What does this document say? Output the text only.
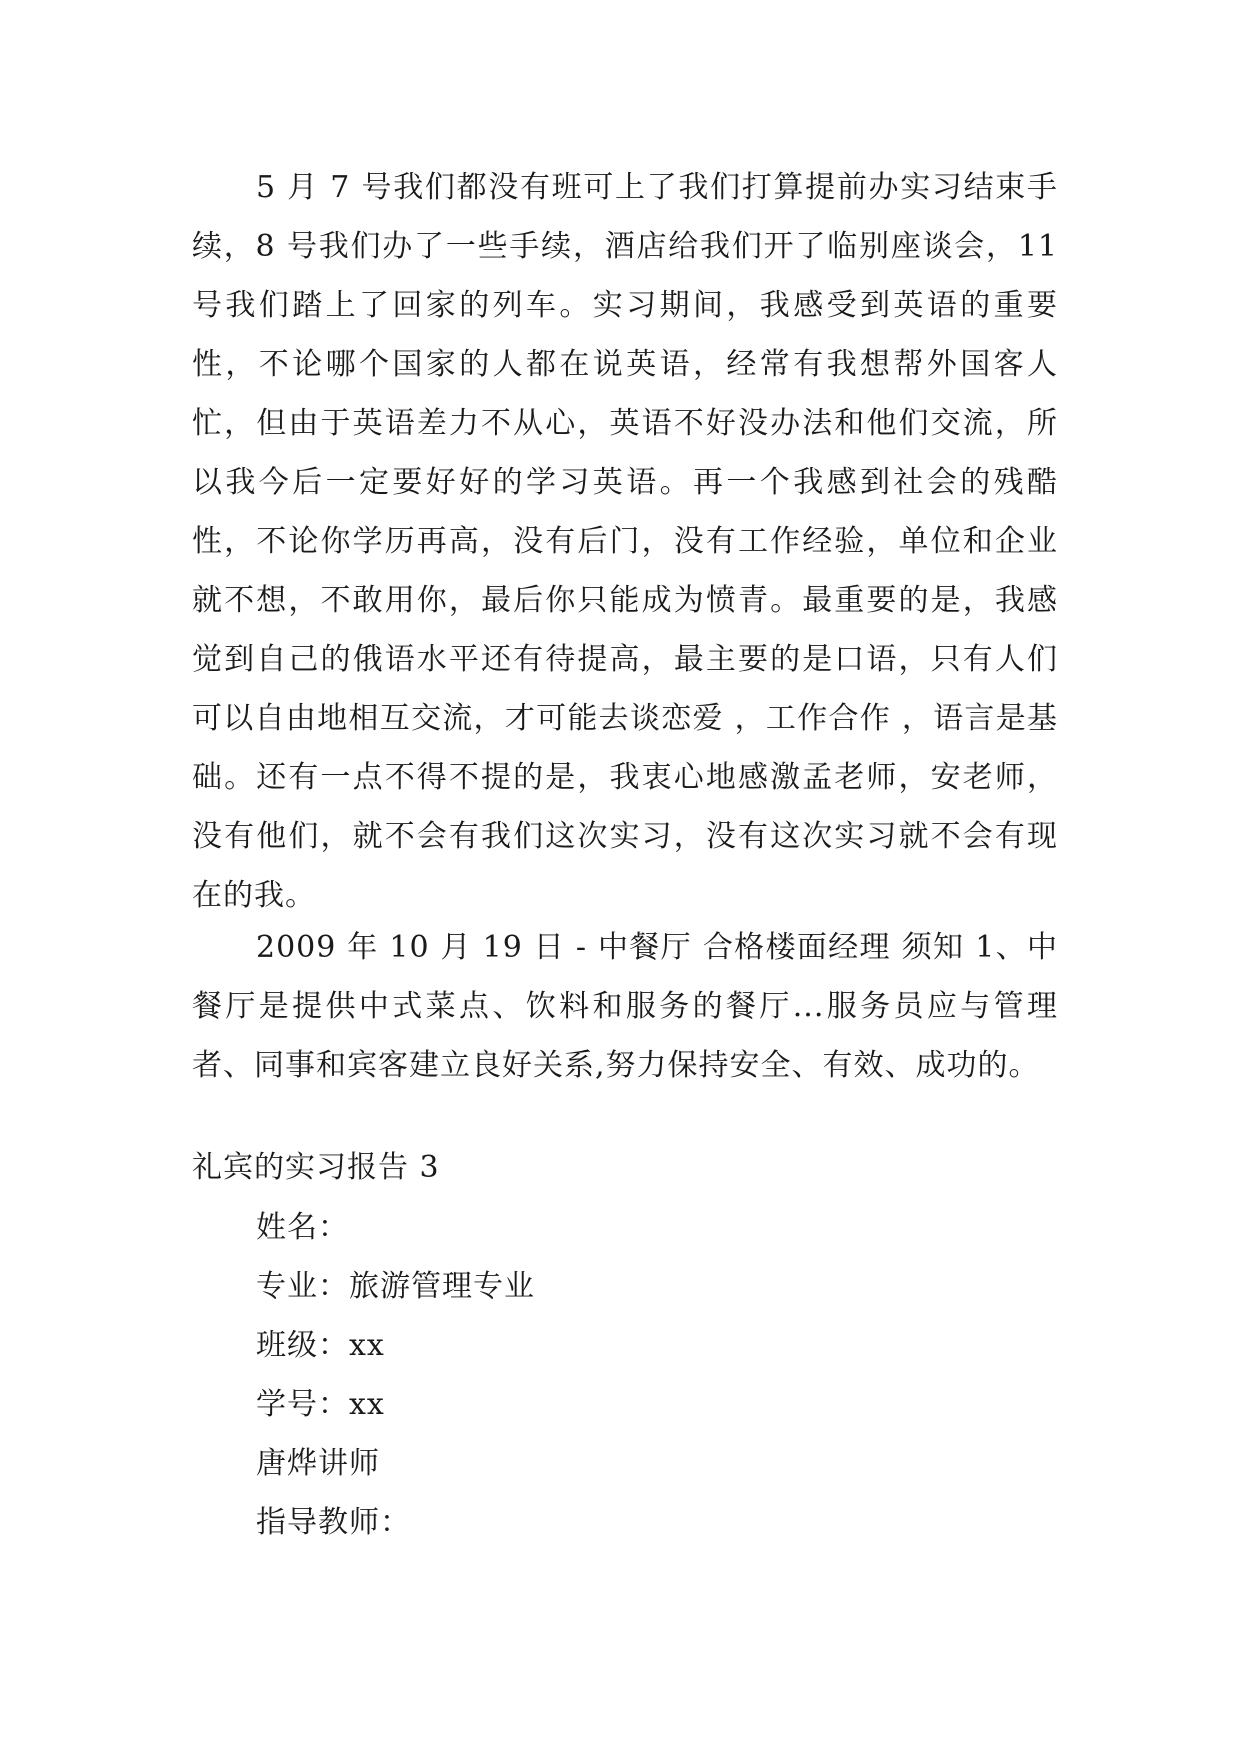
5 月 7 号我们都没有班可上了我们打算提前办实习结束手续，8 号我们办了一些手续，酒店给我们开了临别座谈会，11 号我们踏上了回家的列车。实习期间，我感受到英语的重要性，不论哪个国家的人都在说英语，经常有我想帮外国客人忙，但由于英语差力不从心，英语不好没办法和他们交流，所以我今后一定要好好的学习英语。再一个我感到社会的残酷性，不论你学历再高，没有后门，没有工作经验，单位和企业就不想，不敢用你，最后你只能成为愤青。最重要的是，我感觉到自己的俄语水平还有待提高，最主要的是口语，只有人们可以自由地相互交流，才可能去谈恋爱 ，工作合作 ，语言是基础。还有一点不得不提的是，我衷心地感激孟老师，安老师，没有他们，就不会有我们这次实习，没有这次实习就不会有现在的我。

2009 年 10 月 19 日 - 中餐厅 合格楼面经理 须知 1、中餐厅是提供中式菜点、饮料和服务的餐厅...服务员应与管理者、同事和宾客建立良好关系,努力保持安全、有效、成功的。

礼宾的实习报告 3
姓名：
专业：旅游管理专业
班级：xx
学号：xx
唐烨讲师
指导教师：
